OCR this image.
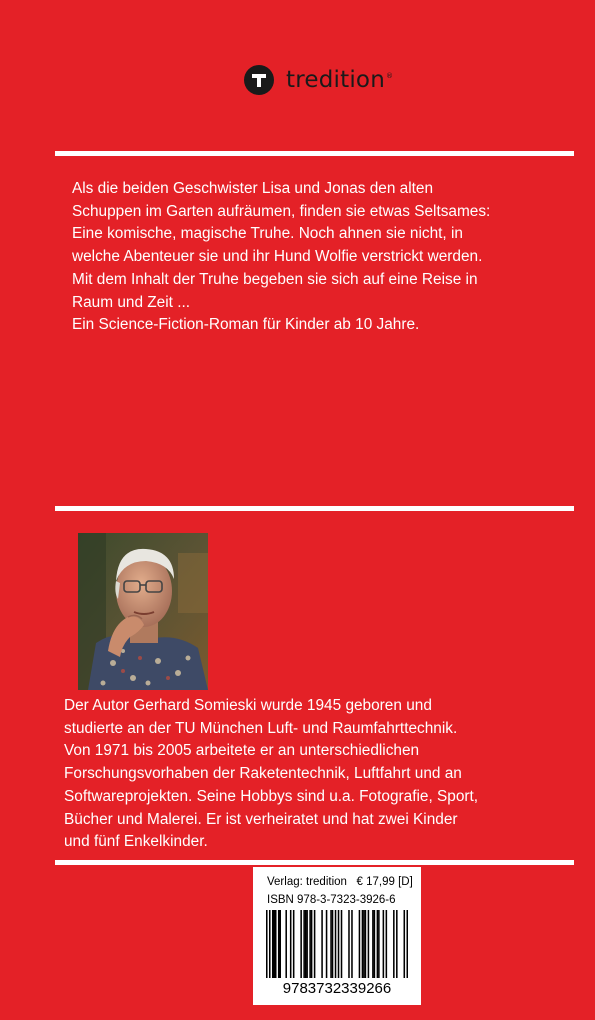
tredition®
Als die beiden Geschwister Lisa und Jonas den alten
Schuppen im Garten aufräumen, finden sie etwas Seltsames:
Eine komische, magische Truhe. Noch ahnen sie nicht, in
welche Abenteuer sie und ihr Hund Wolfie verstrickt werden.
Mit dem Inhalt der Truhe begeben sie sich auf eine Reise in
Raum und Zeit ...
Ein Science-Fiction-Roman für Kinder ab 10 Jahre.
Der Autor Gerhard Somieski wurde 1945 geboren und
studierte an der TU München Luft- und Raumfahrttechnik.
Von 1971 bis 2005 arbeitete er an unterschiedlichen
Forschungsvorhaben der Raketentechnik, Luftfahrt und an
Softwareprojekten. Seine Hobbys sind u.a. Fotografie, Sport,
Bücher und Malerei. Er ist verheiratet und hat zwei Kinder
und fünf Enkelkinder.
Verlag: tredition € 17,99 [D]
ISBN 978-3-7323-3926-6
9783732339266
